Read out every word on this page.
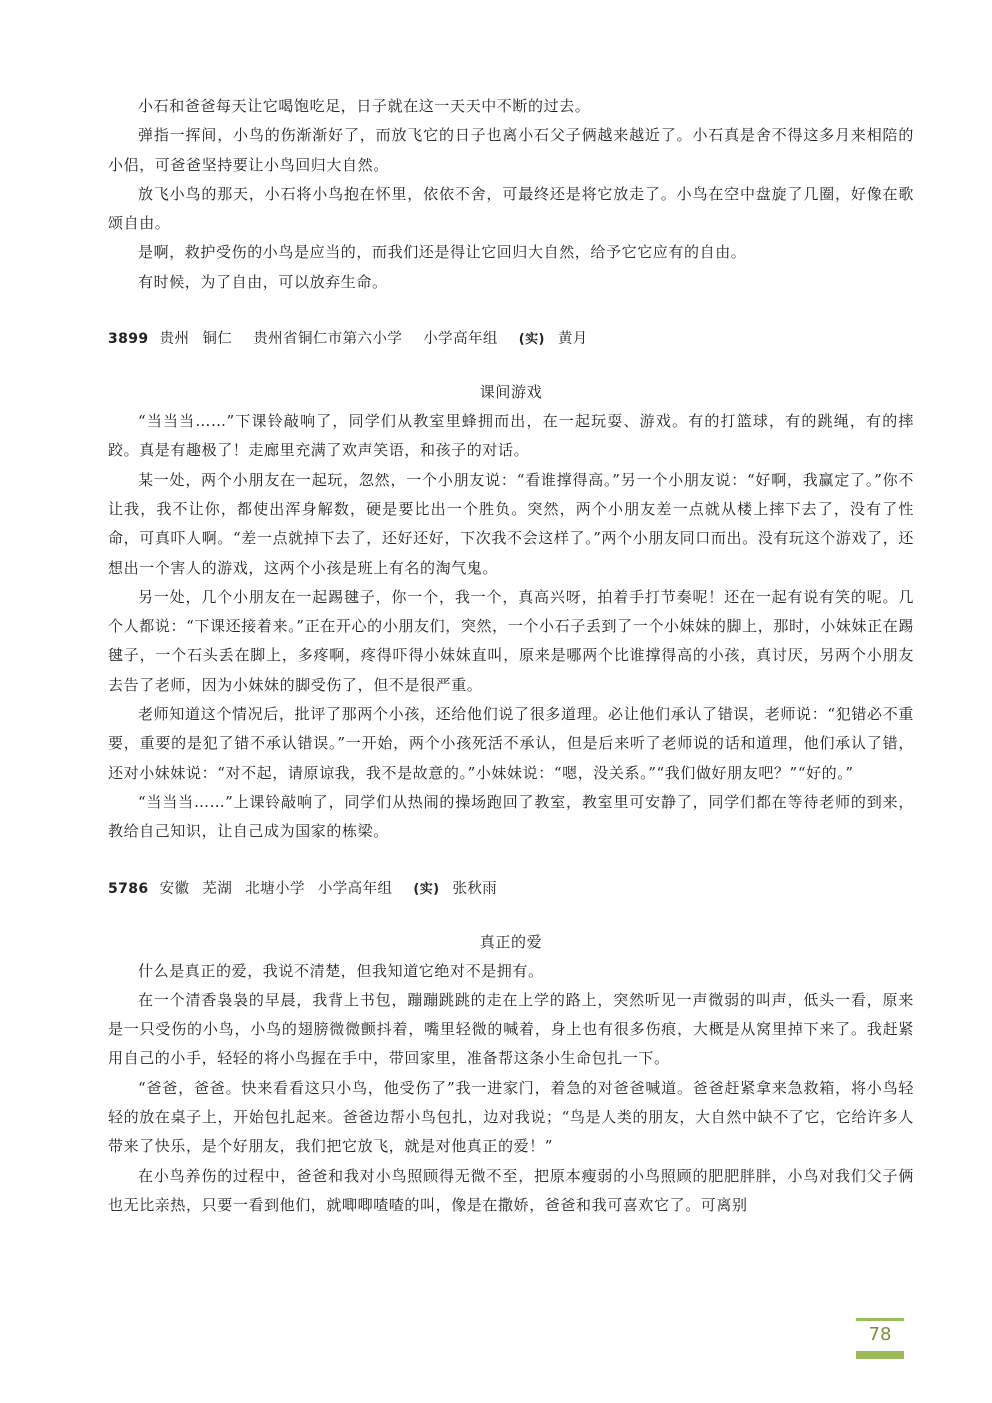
小石和爸爸每天让它喝饱吃足，日子就在这一天天中不断的过去。

弹指一挥间，小鸟的伤渐渐好了，而放飞它的日子也离小石父子俩越来越近了。小石真是舍不得这多月来相陪的小侣，可爸爸坚持要让小鸟回归大自然。

放飞小鸟的那天，小石将小鸟抱在怀里，依依不舍，可最终还是将它放走了。小鸟在空中盘旋了几圈，好像在歌颂自由。

是啊，救护受伤的小鸟是应当的，而我们还是得让它回归大自然，给予它它应有的自由。

有时候，为了自由，可以放弃生命。

3899 贵州 铜仁 贵州省铜仁市第六小学 小学高年组 (实) 黄月

课间游戏

“当当当……”下课铃敲响了，同学们从教室里蜂拥而出，在一起玩耍、游戏。有的打篮球，有的跳绳，有的摔跤。真是有趣极了！走廊里充满了欢声笑语，和孩子的对话。

某一处，两个小朋友在一起玩，忽然，一个小朋友说：“看谁撑得高。”另一个小朋友说：“好啊，我赢定了。”你不让我，我不让你，都使出浑身解数，硬是要比出一个胜负。突然，两个小朋友差一点就从楼上摔下去了，没有了性命，可真吓人啊。“差一点就掉下去了，还好还好，下次我不会这样了。”两个小朋友同口而出。没有玩这个游戏了，还想出一个害人的游戏，这两个小孩是班上有名的淘气鬼。

另一处，几个小朋友在一起踢毽子，你一个，我一个，真高兴呀，拍着手打节奏呢！还在一起有说有笑的呢。几个人都说：“下课还接着来。”正在开心的小朋友们，突然，一个小石子丢到了一个小妹妹的脚上，那时，小妹妹正在踢毽子，一个石头丢在脚上，多疼啊，疼得吓得小妹妹直叫，原来是哪两个比谁撑得高的小孩，真讨厌，另两个小朋友去告了老师，因为小妹妹的脚受伤了，但不是很严重。

老师知道这个情况后，批评了那两个小孩，还给他们说了很多道理。必让他们承认了错误，老师说：“犯错必不重要，重要的是犯了错不承认错误。”一开始，两个小孩死活不承认，但是后来听了老师说的话和道理，他们承认了错，还对小妹妹说：“对不起，请原谅我，我不是故意的。”小妹妹说：“嗯，没关系。”“我们做好朋友吧？”“好的。”

“当当当……”上课铃敲响了，同学们从热闹的操场跑回了教室，教室里可安静了，同学们都在等待老师的到来，教给自己知识，让自己成为国家的栋梁。

5786 安徽 芜湖 北塘小学 小学高年组 (实) 张秋雨

真正的爱

什么是真正的爱，我说不清楚，但我知道它绝对不是拥有。

在一个清香袅袅的早晨，我背上书包，蹦蹦跳跳的走在上学的路上，突然听见一声微弱的叫声，低头一看，原来是一只受伤的小鸟，小鸟的翅膀微微颤抖着，嘴里轻微的喊着，身上也有很多伤痕，大概是从窝里掉下来了。我赶紧用自己的小手，轻轻的将小鸟握在手中，带回家里，准备帮这条小生命包扎一下。

“爸爸，爸爸。快来看看这只小鸟，他受伤了”我一进家门，着急的对爸爸喊道。爸爸赶紧拿来急救箱，将小鸟轻轻的放在桌子上，开始包扎起来。爸爸边帮小鸟包扎，边对我说；“鸟是人类的朋友，大自然中缺不了它，它给许多人带来了快乐，是个好朋友，我们把它放飞，就是对他真正的爱！”

在小鸟养伤的过程中，爸爸和我对小鸟照顾得无微不至，把原本瘦弱的小鸟照顾的肥肥胖胖，小鸟对我们父子俩也无比亲热，只要一看到他们，就唧唧喳喳的叫，像是在撒娇，爸爸和我可喜欢它了。可离别

78
